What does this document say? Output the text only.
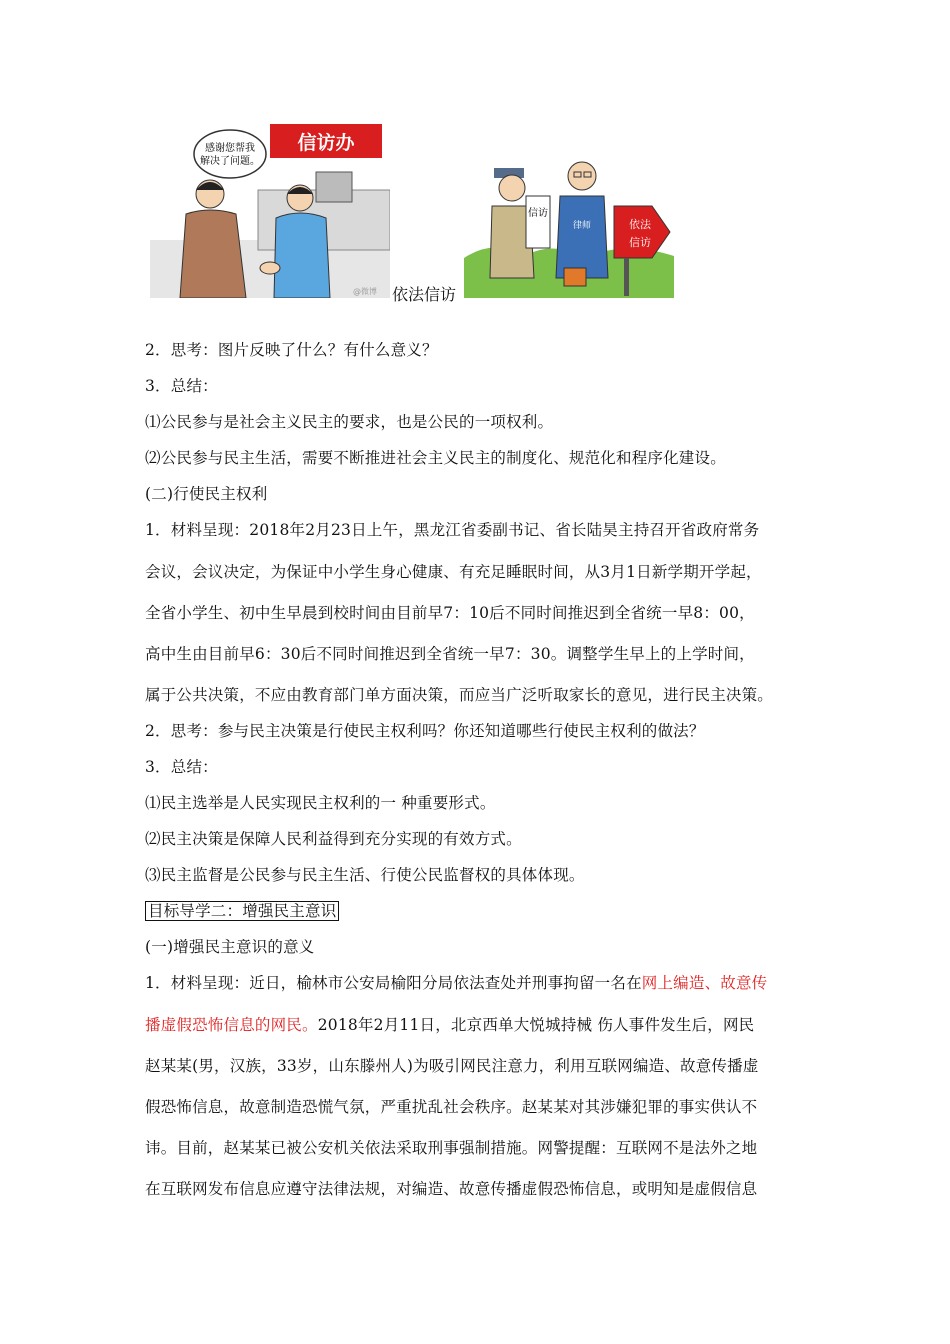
信访办
感谢您帮我
解决了问题。
@微博 依法信访
信访
律师	依法
信访
2．思考：图片反映了什么？有什么意义？
3．总结：
⑴公民参与是社会主义民主的要求，也是公民的一项权利。
⑵公民参与民主生活，需要不断推进社会主义民主的制度化、规范化和程序化建设。
(二)行使民主权利
1．材料呈现：2018年2月23日上午，黑龙江省委副书记、省长陆昊主持召开省政府常务
会议，会议决定，为保证中小学生身心健康、有充足睡眠时间，从3月1日新学期开学起，
全省小学生、初中生早晨到校时间由目前早7：10后不同时间推迟到全省统一早8：00，
高中生由目前早6：30后不同时间推迟到全省统一早7：30。调整学生早上的上学时间，
属于公共决策，不应由教育部门单方面决策，而应当广泛听取家长的意见，进行民主决策。
2．思考：参与民主决策是行使民主权利吗？你还知道哪些行使民主权利的做法？
3．总结：
⑴民主选举是人民实现民主权利的一 种重要形式。
⑵民主决策是保障人民利益得到充分实现的有效方式。
⑶民主监督是公民参与民主生活、行使公民监督权的具体体现。
目标导学二：增强民主意识
(一)增强民主意识的意义
1．材料呈现：近日，榆林市公安局榆阳分局依法查处并刑事拘留一名在网上编造、故意传
播虚假恐怖信息的网民。2018年2月11日，北京西单大悦城持械 伤人事件发生后，网民
赵某某(男，汉族，33岁，山东滕州人)为吸引网民注意力，利用互联网编造、故意传播虚
假恐怖信息，故意制造恐慌气氛，严重扰乱社会秩序。赵某某对其涉嫌犯罪的事实供认不
讳。目前，赵某某已被公安机关依法采取刑事强制措施。网警提醒：互联网不是法外之地
在互联网发布信息应遵守法律法规，对编造、故意传播虚假恐怖信息，或明知是虚假信息
